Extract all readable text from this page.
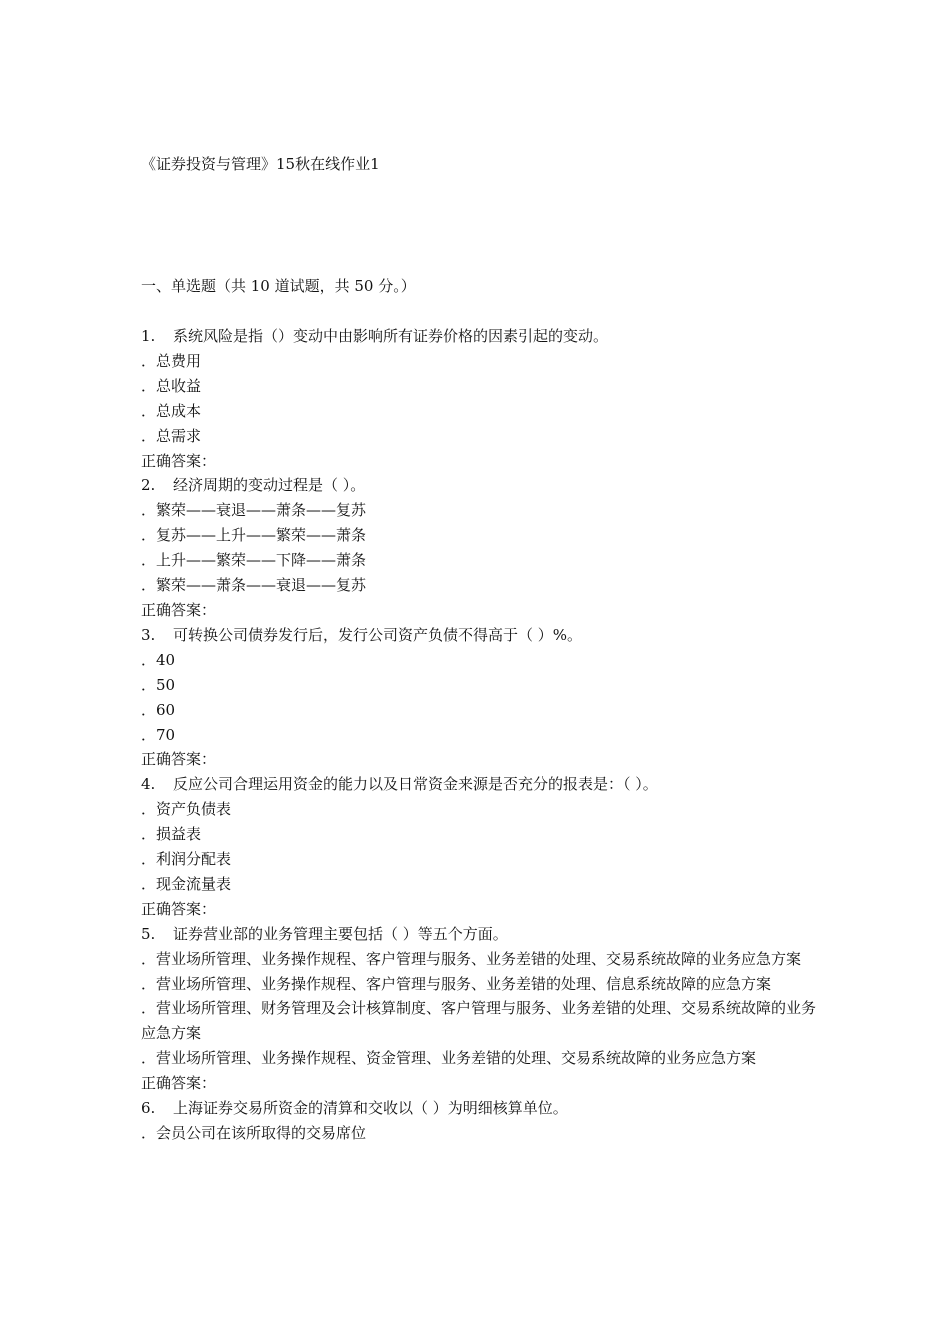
《证券投资与管理》15秋在线作业1
一、单选题（共 10 道试题，共 50 分。）
1. 系统风险是指（）变动中由影响所有证券价格的因素引起的变动。
．总费用
．总收益
．总成本
．总需求
正确答案：
2. 经济周期的变动过程是（ ）。
．繁荣——衰退——萧条——复苏
．复苏——上升——繁荣——萧条
．上升——繁荣——下降——萧条
．繁荣——萧条——衰退——复苏
正确答案：
3. 可转换公司债券发行后，发行公司资产负债不得高于（ ）%。
．40
．50
．60
．70
正确答案：
4. 反应公司合理运用资金的能力以及日常资金来源是否充分的报表是：（ ）。
．资产负债表
．损益表
．利润分配表
．现金流量表
正确答案：
5. 证券营业部的业务管理主要包括（ ）等五个方面。
．营业场所管理、业务操作规程、客户管理与服务、业务差错的处理、交易系统故障的业务应急方案
．营业场所管理、业务操作规程、客户管理与服务、业务差错的处理、信息系统故障的应急方案
．营业场所管理、财务管理及会计核算制度、客户管理与服务、业务差错的处理、交易系统故障的业务应急方案
．营业场所管理、业务操作规程、资金管理、业务差错的处理、交易系统故障的业务应急方案
正确答案：
6. 上海证券交易所资金的清算和交收以（ ）为明细核算单位。
．会员公司在该所取得的交易席位
